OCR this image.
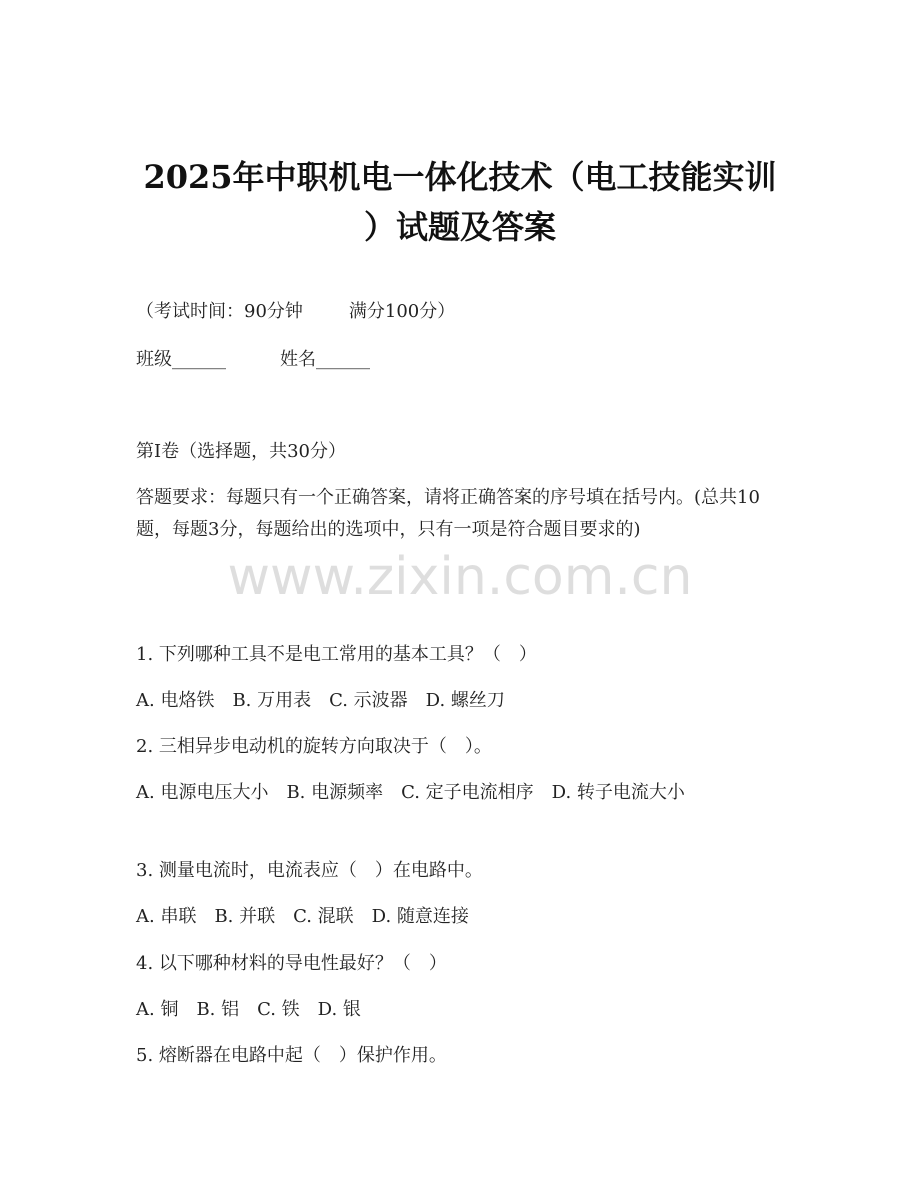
2025年中职机电一体化技术（电工技能实训
）试题及答案

（考试时间：90分钟	满分100分）

班级______	姓名______

第I卷（选择题，共30分）

答题要求：每题只有一个正确答案，请将正确答案的序号填在括号内。(总共10题，每题3分，每题给出的选项中，只有一项是符合题目要求的)

www.zixin.com.cn

1. 下列哪种工具不是电工常用的基本工具？（　）

A. 电烙铁　B. 万用表　C. 示波器　D. 螺丝刀

2. 三相异步电动机的旋转方向取决于（　）。

A. 电源电压大小　B. 电源频率　C. 定子电流相序　D. 转子电流大小

3. 测量电流时，电流表应（　）在电路中。

A. 串联　B. 并联　C. 混联　D. 随意连接

4. 以下哪种材料的导电性最好？（　）

A. 铜　B. 铝　C. 铁　D. 银

5. 熔断器在电路中起（　）保护作用。
